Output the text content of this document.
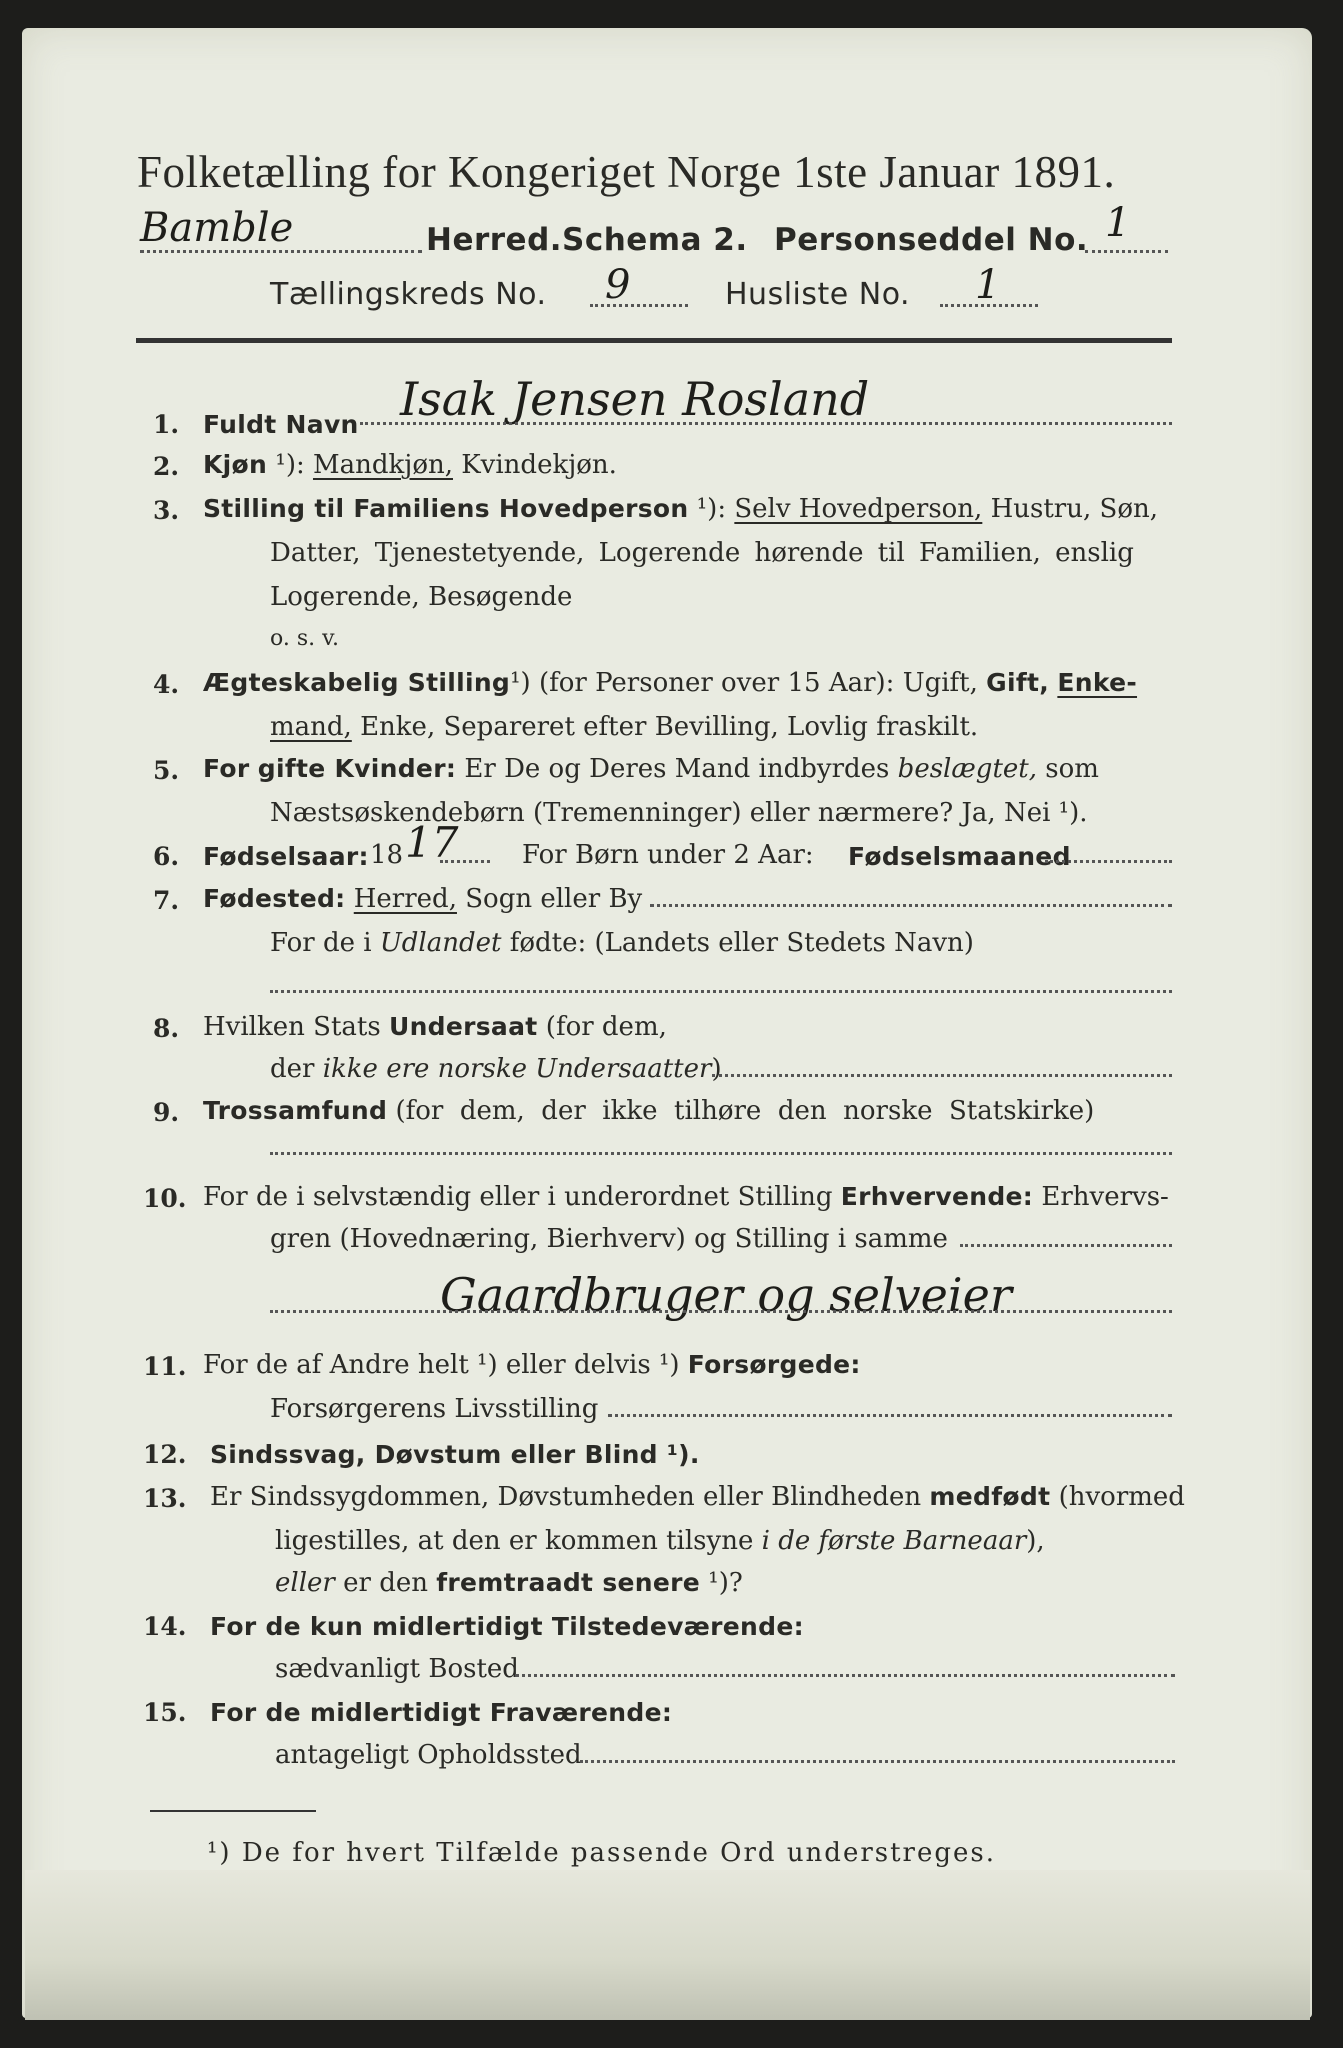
Folketælling for Kongeriget Norge 1ste Januar 1891.
Bamble	Herred. Schema 2. Personseddel No. 1
Tællingskreds No. 9	Husliste No. 1
1. Fuldt Navn Isak Jensen Rosland
2. Kjøn ¹): Mandkjøn, Kvindekjøn.
3. Stilling til Familiens Hovedperson ¹): Selv Hovedperson, Hustru, Søn,
Datter, Tjenestetyende, Logerende hørende til Familien, enslig
Logerende, Besøgende
o. s. v.
4. Ægteskabelig Stilling¹) (for Personer over 15 Aar): Ugift, Gift, Enke-
mand, Enke, Separeret efter Bevilling, Lovlig fraskilt.
5. For gifte Kvinder: Er De og Deres Mand indbyrdes beslægtet, som
Næstsøskendebørn (Tremenninger) eller nærmere? Ja, Nei ¹).
6. Fødselsaar: 18 17 For Børn under 2 Aar: Fødselsmaaned
7. Fødested: Herred, Sogn eller By
For de i Udlandet fødte: (Landets eller Stedets Navn)
8. Hvilken Stats Undersaat (for dem,
der ikke ere norske Undersaatter)
9. Trossamfund (for  dem,  der  ikke  tilhøre  den  norske  Statskirke)
10. For de i selvstændig eller i underordnet Stilling Erhvervende: Erhvervs-
gren (Hovednæring, Bierhverv) og Stilling i samme
Gaardbruger og selveier
11. For de af Andre helt ¹) eller delvis ¹) Forsørgede:
Forsørgerens Livsstilling
12. Sindssvag, Døvstum eller Blind ¹).
13. Er Sindssygdommen, Døvstumheden eller Blindheden medfødt (hvormed
ligestilles, at den er kommen tilsyne i de første Barneaar),
eller er den fremtraadt senere ¹)?
14. For de kun midlertidigt Tilstedeværende:
sædvanligt Bosted
15. For de midlertidigt Fraværende:
antageligt Opholdssted
¹) De for hvert Tilfælde passende Ord understreges.
